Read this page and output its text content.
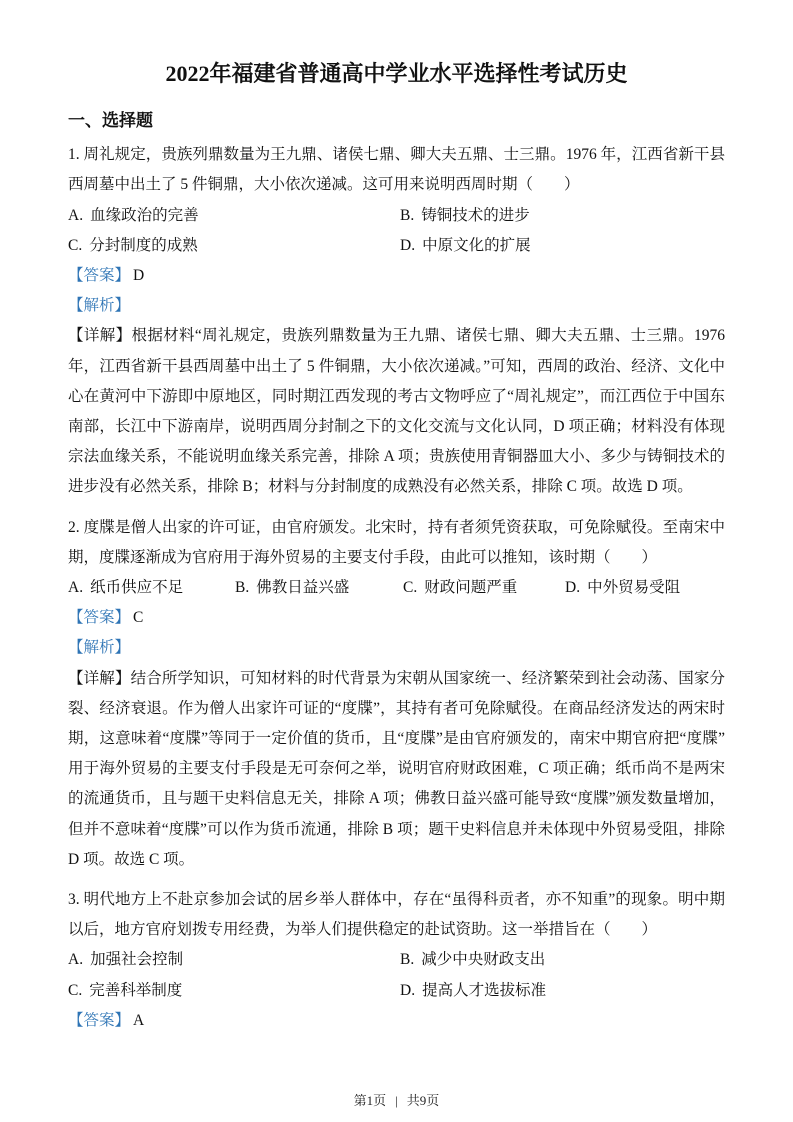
2022年福建省普通高中学业水平选择性考试历史
一、选择题

1. 周礼规定，贵族列鼎数量为王九鼎、诸侯七鼎、卿大夫五鼎、士三鼎。1976 年，江西省新干县西周墓中出土了 5 件铜鼎，大小依次递减。这可用来说明西周时期（　　）

A. 血缘政治的完善	B. 铸铜技术的进步
C. 分封制度的成熟	D. 中原文化的扩展

【答案】 D

【解析】

【详解】根据材料“周礼规定，贵族列鼎数量为王九鼎、诸侯七鼎、卿大夫五鼎、士三鼎。1976 年，江西省新干县西周墓中出土了 5 件铜鼎，大小依次递减。”可知，西周的政治、经济、文化中心在黄河中下游即中原地区，同时期江西发现的考古文物呼应了“周礼规定”，而江西位于中国东南部，长江中下游南岸，说明西周分封制之下的文化交流与文化认同，D 项正确；材料没有体现宗法血缘关系，不能说明血缘关系完善，排除 A 项；贵族使用青铜器皿大小、多少与铸铜技术的进步没有必然关系，排除 B；材料与分封制度的成熟没有必然关系，排除 C 项。故选 D 项。

2. 度牒是僧人出家的许可证，由官府颁发。北宋时，持有者须凭资获取，可免除赋役。至南宋中期，度牒逐渐成为官府用于海外贸易的主要支付手段，由此可以推知，该时期（　　）

A. 纸币供应不足	B. 佛教日益兴盛	C. 财政问题严重	D. 中外贸易受阻

【答案】 C

【解析】

【详解】结合所学知识，可知材料的时代背景为宋朝从国家统一、经济繁荣到社会动荡、国家分裂、经济衰退。作为僧人出家许可证的“度牒”，其持有者可免除赋役。在商品经济发达的两宋时期，这意味着“度牒”等同于一定价值的货币，且“度牒”是由官府颁发的，南宋中期官府把“度牒”用于海外贸易的主要支付手段是无可奈何之举，说明官府财政困难，C 项正确；纸币尚不是两宋的流通货币，且与题干史料信息无关，排除 A 项；佛教日益兴盛可能导致“度牒”颁发数量增加，但并不意味着“度牒”可以作为货币流通，排除 B 项；题干史料信息并未体现中外贸易受阻，排除 D 项。故选 C 项。

3. 明代地方上不赴京参加会试的居乡举人群体中，存在“虽得科贡者，亦不知重”的现象。明中期以后，地方官府划拨专用经费，为举人们提供稳定的赴试资助。这一举措旨在（　　）

A. 加强社会控制	B. 减少中央财政支出
C. 完善科举制度	D. 提高人才选拔标准

【答案】 A

第1页 | 共9页
